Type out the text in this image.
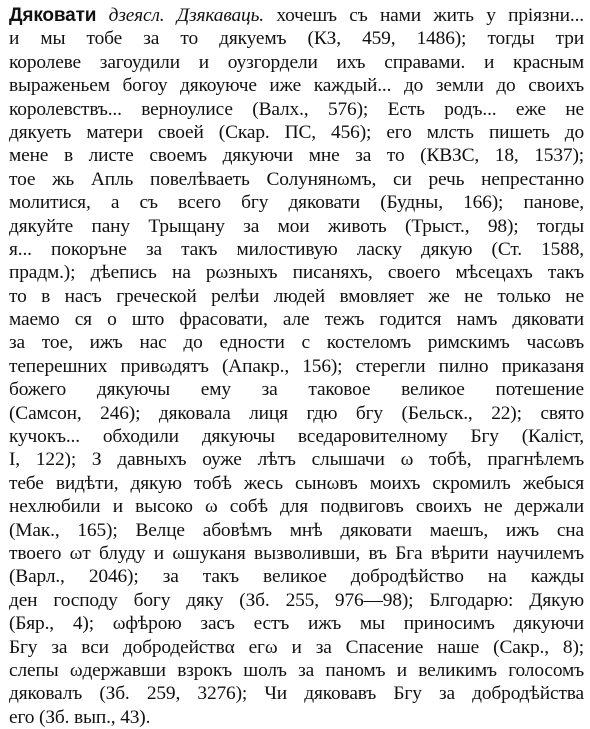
Дяковати дзеясл. Дзякаваць. хочешъ съ нами жить у прiязни...
и мы тобе за то дякуемъ (КЗ, 459, 1486); тогды три
королеве загоудили и оузгордели ихъ справами. и красным
выраженьем богоу дякоуюче иже каждый... до земли до своихъ
королевствъ... верноулисе (Валх., 576); Есть родъ... еже не
дякуеть матери своей (Скар. ПС, 456); его млсть пишеть до
мене в листе своемъ дякуючи мне за то (КВЗС, 18, 1537);
тое жь Апль повелѣваеть Солунянωмъ, си речь непрестанно
молитися, а съ всего бгу дяковати (Будны, 166); панове,
дякуйте пану Трыщану за мои животь (Трыст., 98); тогды
я... покоръне за такъ милостивую ласку дякую (Ст. 1588,
прадм.); дѣепись на рωзныхъ писаняхъ, своего мѣсецахъ такъ
то в насъ греческой релѣи людей вмовляет же не только не
маемо ся о што фрасовати, але тежъ годится намъ дяковати
за тое, ижъ нас до едности с костеломъ римскимъ часωвъ
теперешних привωдятъ (Апакр., 156); стерегли пилно приказаня
божего дякуючы ему за таковое великое потешение
(Самсон, 246); дяковала лиця гдю бгу (Бельск., 22); свято
кучокъ... обходили дякуючы вседаровителному Бгу (Каліст,
I, 122); З давныхъ оуже лѣтъ слышачи ω тобѣ, прагнѣлемъ
тебе видѣти, дякую тобѣ жесь сынωвъ моихъ скромилъ жебыся
нехлюбили и высоко ω собѣ для подвиговъ своихъ не держали
(Мак., 165); Велце абовѣмъ мнѣ дяковати маешъ, ижъ сна
твоего ωт блуду и ωшуканя вызволивши, въ Бга вѣрити научилемъ
(Варл., 2046); за такъ великое добродѣйство на кажды
ден господу богу дяку (Зб. 255, 976—98); Блгодарю: Дякую
(Бяр., 4); ωфѣрою засъ естъ ижъ мы приносимъ дякуючи
Бгу за вси добродействα егω и за Спасение наше (Сакр., 8);
слепы ωдержавши взрокъ шолъ за паномъ и великимъ голосомъ
дяковалъ (Зб. 259, 3276); Чи дяковавъ Бгу за добродѣйства
его (Зб. вып., 43).
